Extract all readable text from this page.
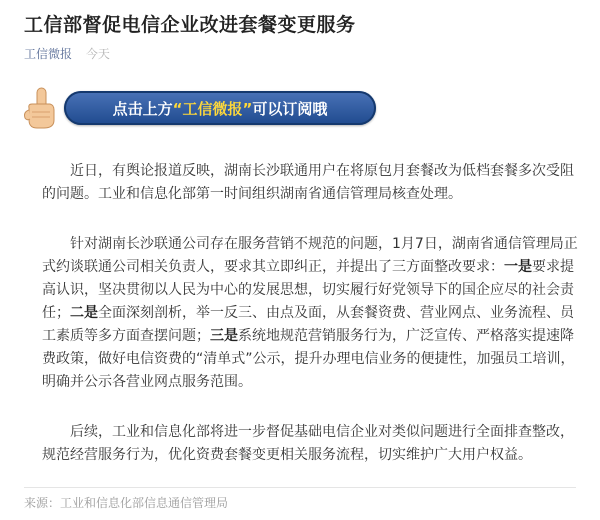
工信部督促电信企业改进套餐变更服务
工信微报 今天
点击上方 “工信微报” 可以订阅哦

近日，有舆论报道反映，湖南长沙联通用户在将原包月套餐改为低档套餐多次受阻的问题。工业和信息化部第一时间组织湖南省通信管理局核查处理。

针对湖南长沙联通公司存在服务营销不规范的问题，1月7日，湖南省通信管理局正式约谈联通公司相关负责人，要求其立即纠正，并提出了三方面整改要求：一是要求提高认识，坚决贯彻以人民为中心的发展思想，切实履行好党领导下的国企应尽的社会责任；二是全面深刻剖析，举一反三、由点及面，从套餐资费、营业网点、业务流程、员工素质等多方面查摆问题；三是系统地规范营销服务行为，广泛宣传、严格落实提速降费政策，做好电信资费的“清单式”公示，提升办理电信业务的便捷性，加强员工培训，明确并公示各营业网点服务范围。

后续，工业和信息化部将进一步督促基础电信企业对类似问题进行全面排查整改，规范经营服务行为，优化资费套餐变更相关服务流程，切实维护广大用户权益。

来源：工业和信息化部信息通信管理局
